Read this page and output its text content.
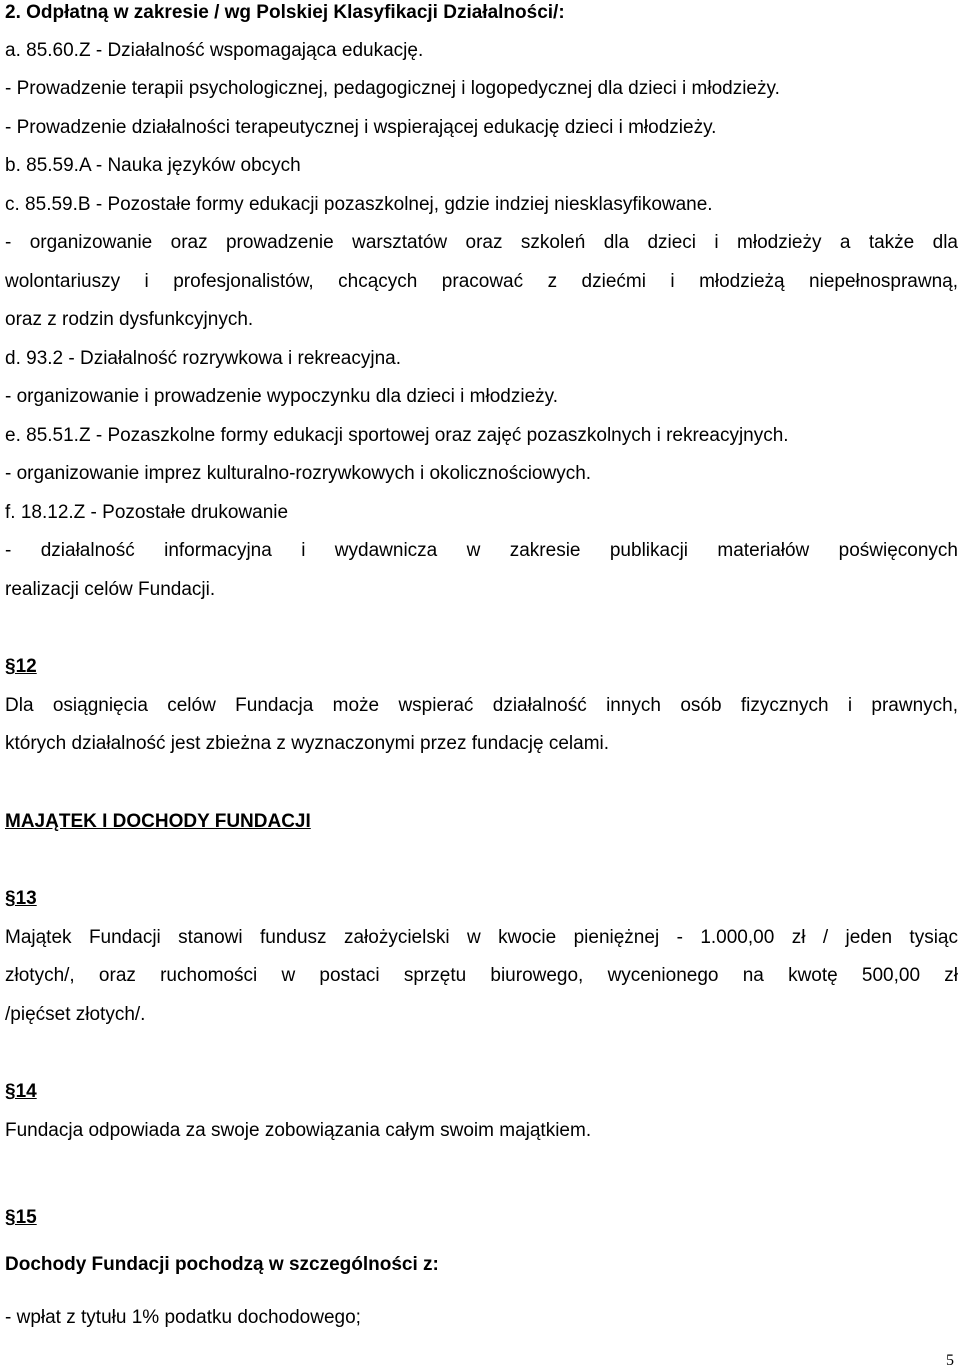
2. Odpłatną w zakresie / wg Polskiej Klasyfikacji Działalności/:
a. 85.60.Z - Działalność wspomagająca edukację.
- Prowadzenie terapii psychologicznej, pedagogicznej i logopedycznej dla dzieci i młodzieży.
- Prowadzenie działalności terapeutycznej i wspierającej edukację dzieci i młodzieży.
b. 85.59.A - Nauka języków obcych
c. 85.59.B - Pozostałe formy edukacji pozaszkolnej, gdzie indziej niesklasyfikowane.
- organizowanie oraz prowadzenie warsztatów oraz szkoleń dla dzieci i młodzieży a także dla
wolontariuszy i profesjonalistów, chcących pracować z dziećmi i młodzieżą niepełnosprawną,
oraz z rodzin dysfunkcyjnych.
d. 93.2 - Działalność rozrywkowa i rekreacyjna.
- organizowanie i prowadzenie wypoczynku dla dzieci i młodzieży.
e. 85.51.Z - Pozaszkolne formy edukacji sportowej oraz zajęć pozaszkolnych i rekreacyjnych.
- organizowanie imprez kulturalno-rozrywkowych i okolicznościowych.
f. 18.12.Z - Pozostałe drukowanie
- działalność informacyjna i wydawnicza w zakresie publikacji materiałów poświęconych
realizacji celów Fundacji.
§12
Dla osiągnięcia celów Fundacja może wspierać działalność innych osób fizycznych i prawnych,
których działalność jest zbieżna z wyznaczonymi przez fundację celami.
MAJĄTEK I DOCHODY FUNDACJI
§13
Majątek Fundacji stanowi fundusz założycielski w kwocie pieniężnej - 1.000,00 zł / jeden tysiąc
złotych/, oraz ruchomości w postaci sprzętu biurowego, wycenionego na kwotę 500,00 zł
/pięćset złotych/.
§14
Fundacja odpowiada za swoje zobowiązania całym swoim majątkiem.
§15
Dochody Fundacji pochodzą w szczególności z:
- wpłat z tytułu 1% podatku dochodowego;
5
